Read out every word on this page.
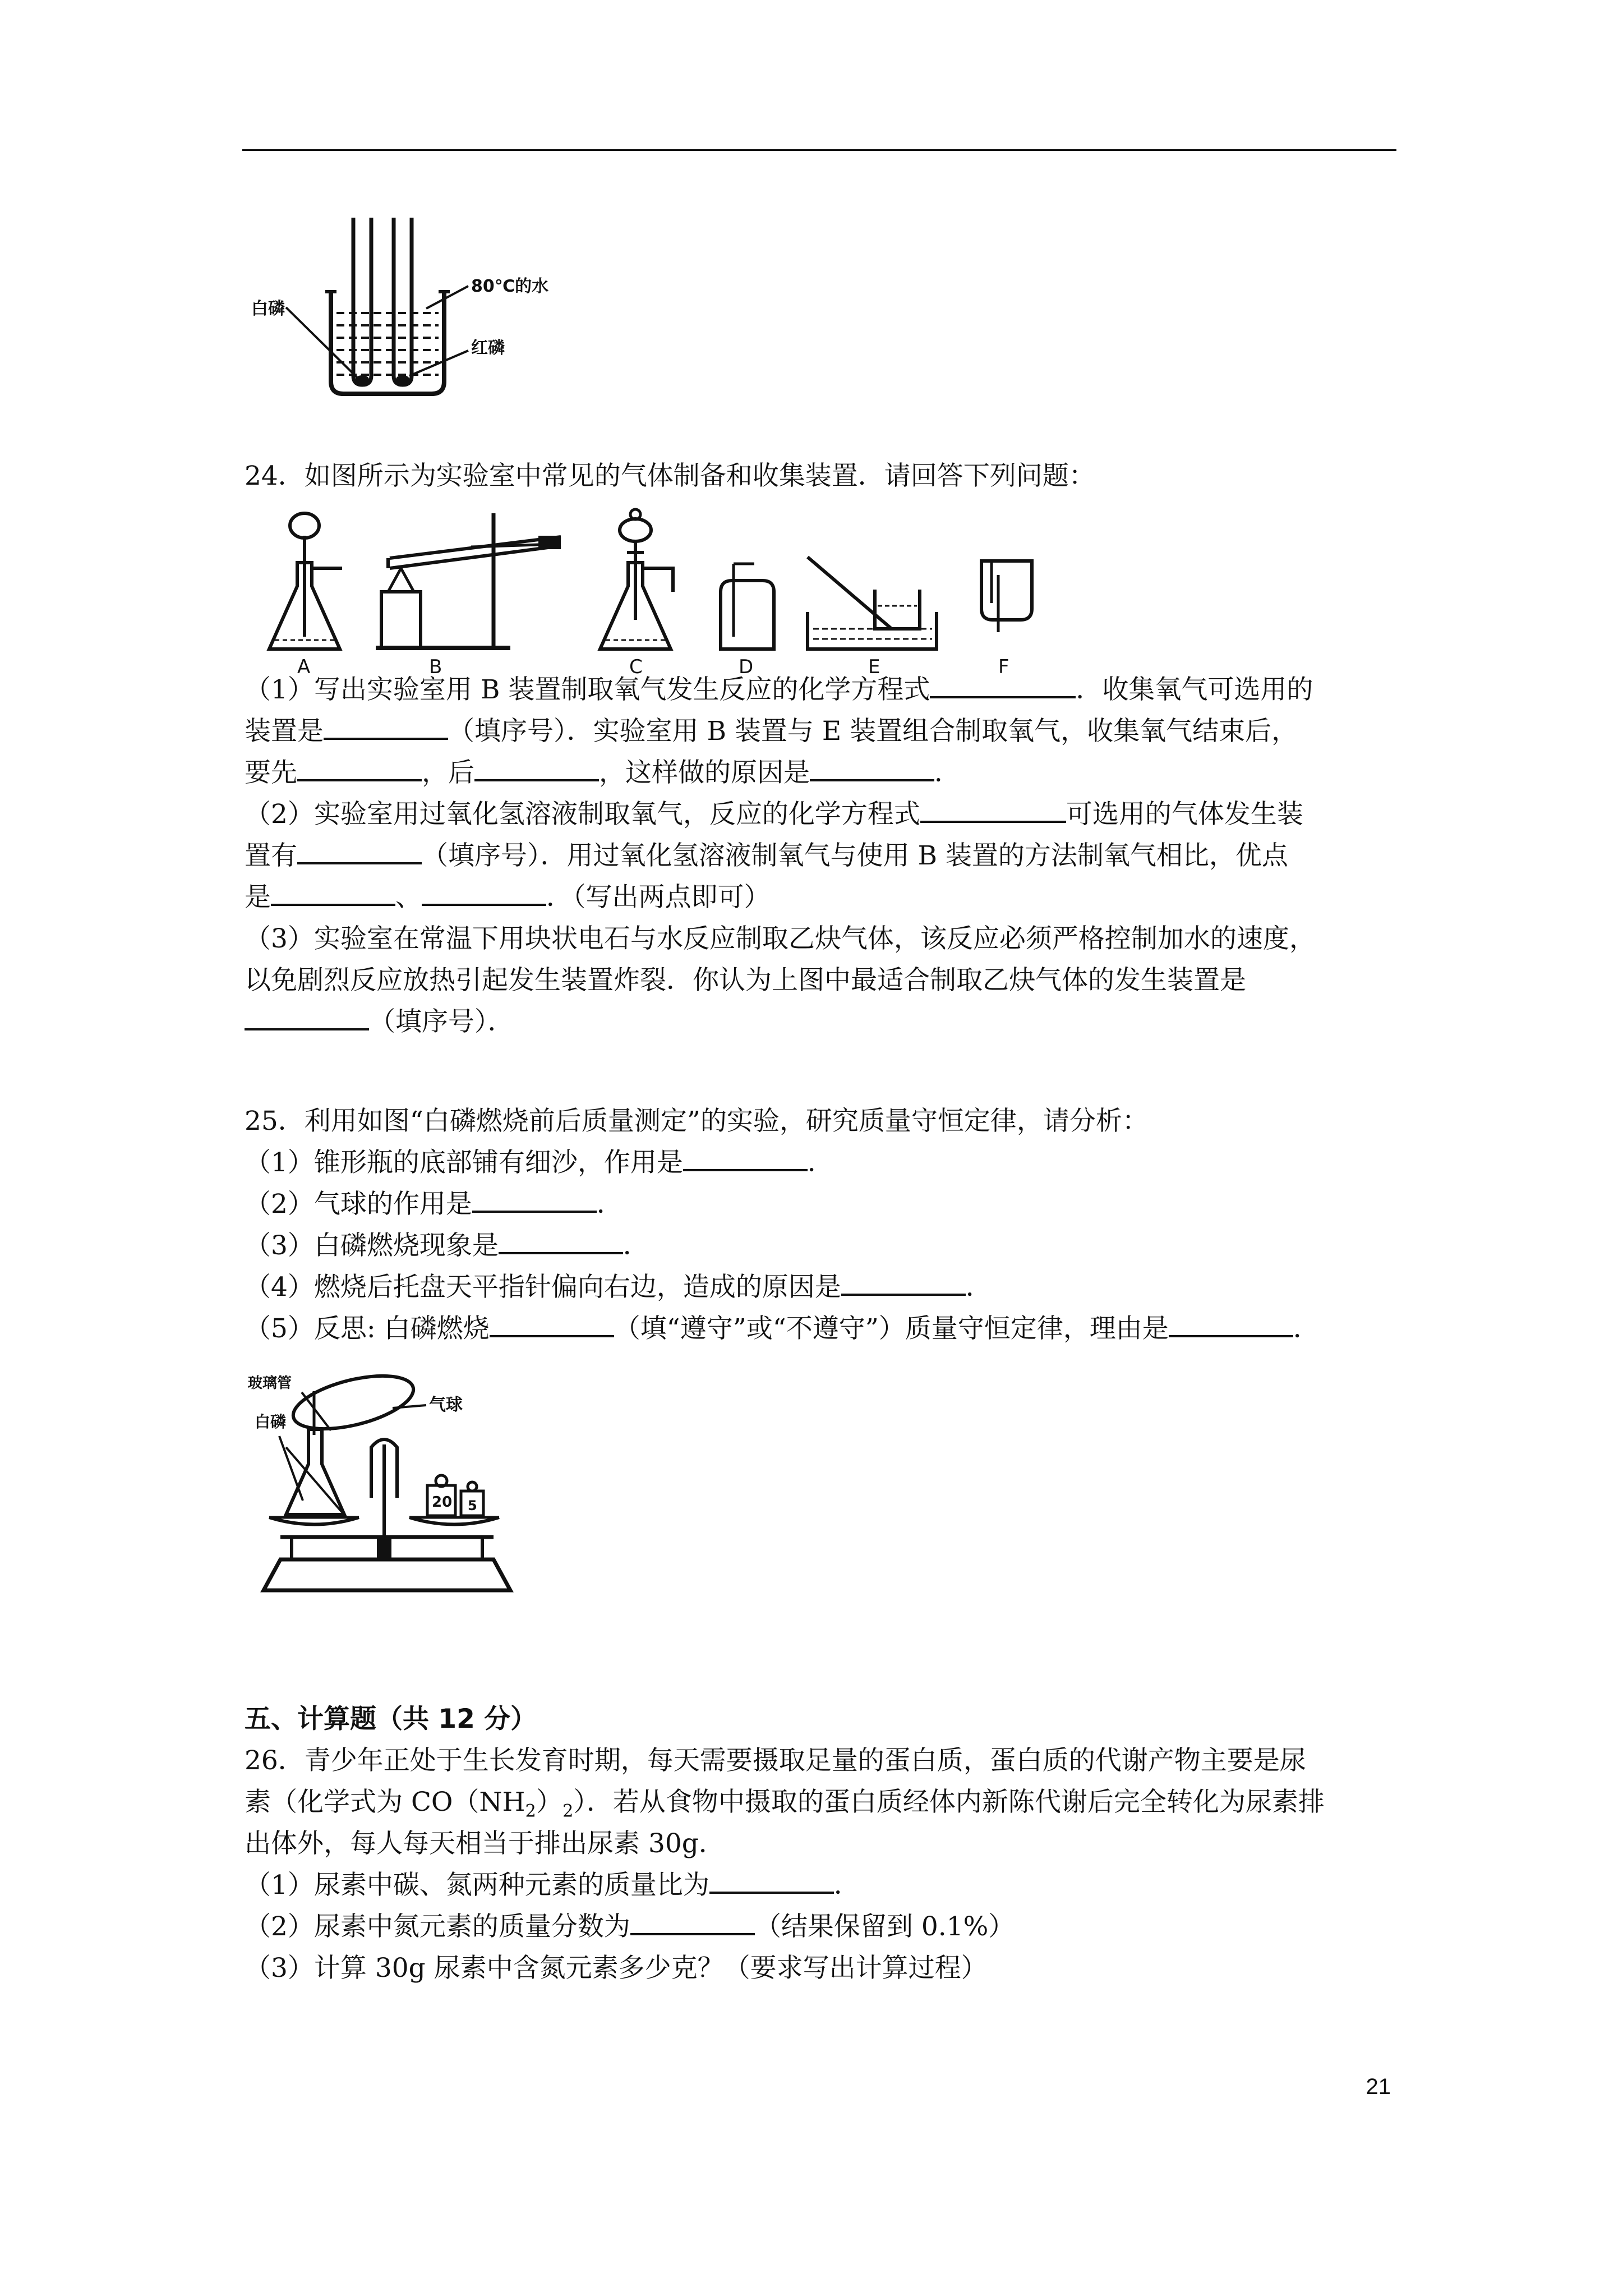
白磷
80℃的水
红磷
24．如图所示为实验室中常见的气体制备和收集装置．请回答下列问题：
A	B	C	D	E	F
（1）写出实验室用 B 装置制取氧气发生反应的化学方程式	．收集氧气可选用的
装置是	（填序号）．实验室用 B 装置与 E 装置组合制取氧气，收集氧气结束后，
要先	，后	，这样做的原因是	．
（2）实验室用过氧化氢溶液制取氧气，反应的化学方程式	可选用的气体发生装
置有	（填序号）．用过氧化氢溶液制氧气与使用 B 装置的方法制氧气相比，优点
是	、	．（写出两点即可）
（3）实验室在常温下用块状电石与水反应制取乙炔气体，该反应必须严格控制加水的速度，
以免剧烈反应放热引起发生装置炸裂．你认为上图中最适合制取乙炔气体的发生装置是
（填序号）．
25．利用如图“白磷燃烧前后质量测定”的实验，研究质量守恒定律，请分析：
（1）锥形瓶的底部铺有细沙，作用是	．
（2）气球的作用是	．
（3）白磷燃烧现象是	．
（4）燃烧后托盘天平指针偏向右边，造成的原因是	．
（5）反思: 白磷燃烧	（填“遵守”或“不遵守”）质量守恒定律，理由是	．
玻璃管
气球
白磷
20 5
五、计算题（共 12 分）
26．青少年正处于生长发育时期，每天需要摄取足量的蛋白质，蛋白质的代谢产物主要是尿
素（化学式为 $CO(NH_2)_2$）．若从食物中摄取的蛋白质经体内新陈代谢后完全转化为尿素排
出体外，每人每天相当于排出尿素 30g．
（1）尿素中碳、氮两种元素的质量比为	．
（2）尿素中氮元素的质量分数为	（结果保留到 0.1%）
（3）计算 30g 尿素中含氮元素多少克？（要求写出计算过程）
21
